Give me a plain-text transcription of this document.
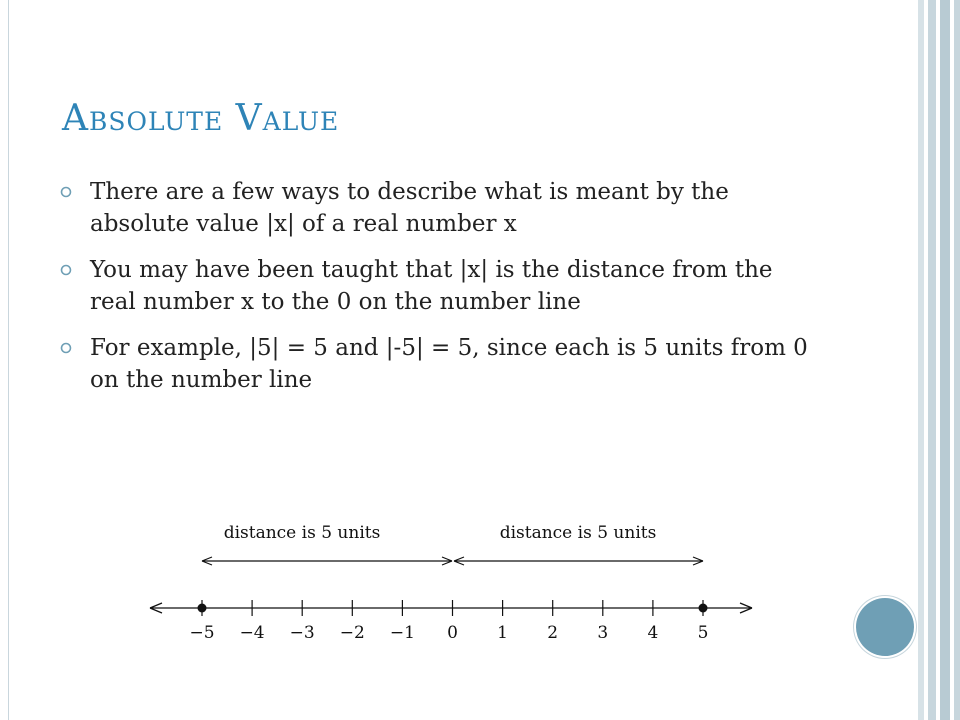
Absolute Value
There are a few ways to describe what is meant by the absolute value |x| of a real number x
You may have been taught that |x| is the distance from the real number x to the 0 on the number line
For example, |5| = 5 and |-5| = 5, since each is 5 units from 0 on the number line
distance is 5 units	distance is 5 units
−5 −4 −3 −2 −1 0 1 2 3 4 5
